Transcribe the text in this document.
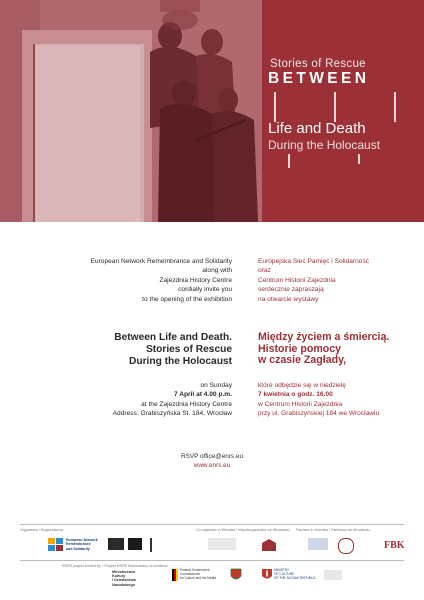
Stories of Rescue
BETWEEN
Life and Death
During the Holocaust
European Network Remembrance and Solidarity
along with
Zajezdnia History Centre
cordially invite you
to the opening of the exhibition
Between Life and Death.
Stories of Rescue
During the Holocaust
on Sunday
7 April at 4.00 p.m.
at the Zajezdnia History Centre
Address: Grabiszyńska St. 184, Wrocław
Europejska Sieć Pamięć i Solidarność
oraz
Centrum Historii Zajezdnia
serdecznie zapraszają
na otwarcie wystawy
Między życiem a śmiercią.
Historie pomocy
w czasie Zagłady,
które odbędzie się w niedzielę
7 kwietnia o godz. 16.00
w Centrum Historii Zajezdnia
przy ul. Grabiszyńskiej 184 we Wrocławiu
RSVP office@enrs.eu
www.enrs.eu
Organisers / Organizatorzy:	Co-organiser in Wrocław / Współorganizator we Wrocławiu: Partners in Wrocław / Partnerzy we Wrocławiu:
European Network
Remembrance
and Solidarity	FBK
ENRS project funded by: / Projekt ESPiS finansowany ze środków:
Ministerstwo
Kultury
i Dziedzictwa
Narodowego
Federal Government
Commissioner
for Culture and the Media
MINISTRY
OF CULTURE
OF THE SLOVAK REPUBLIC
